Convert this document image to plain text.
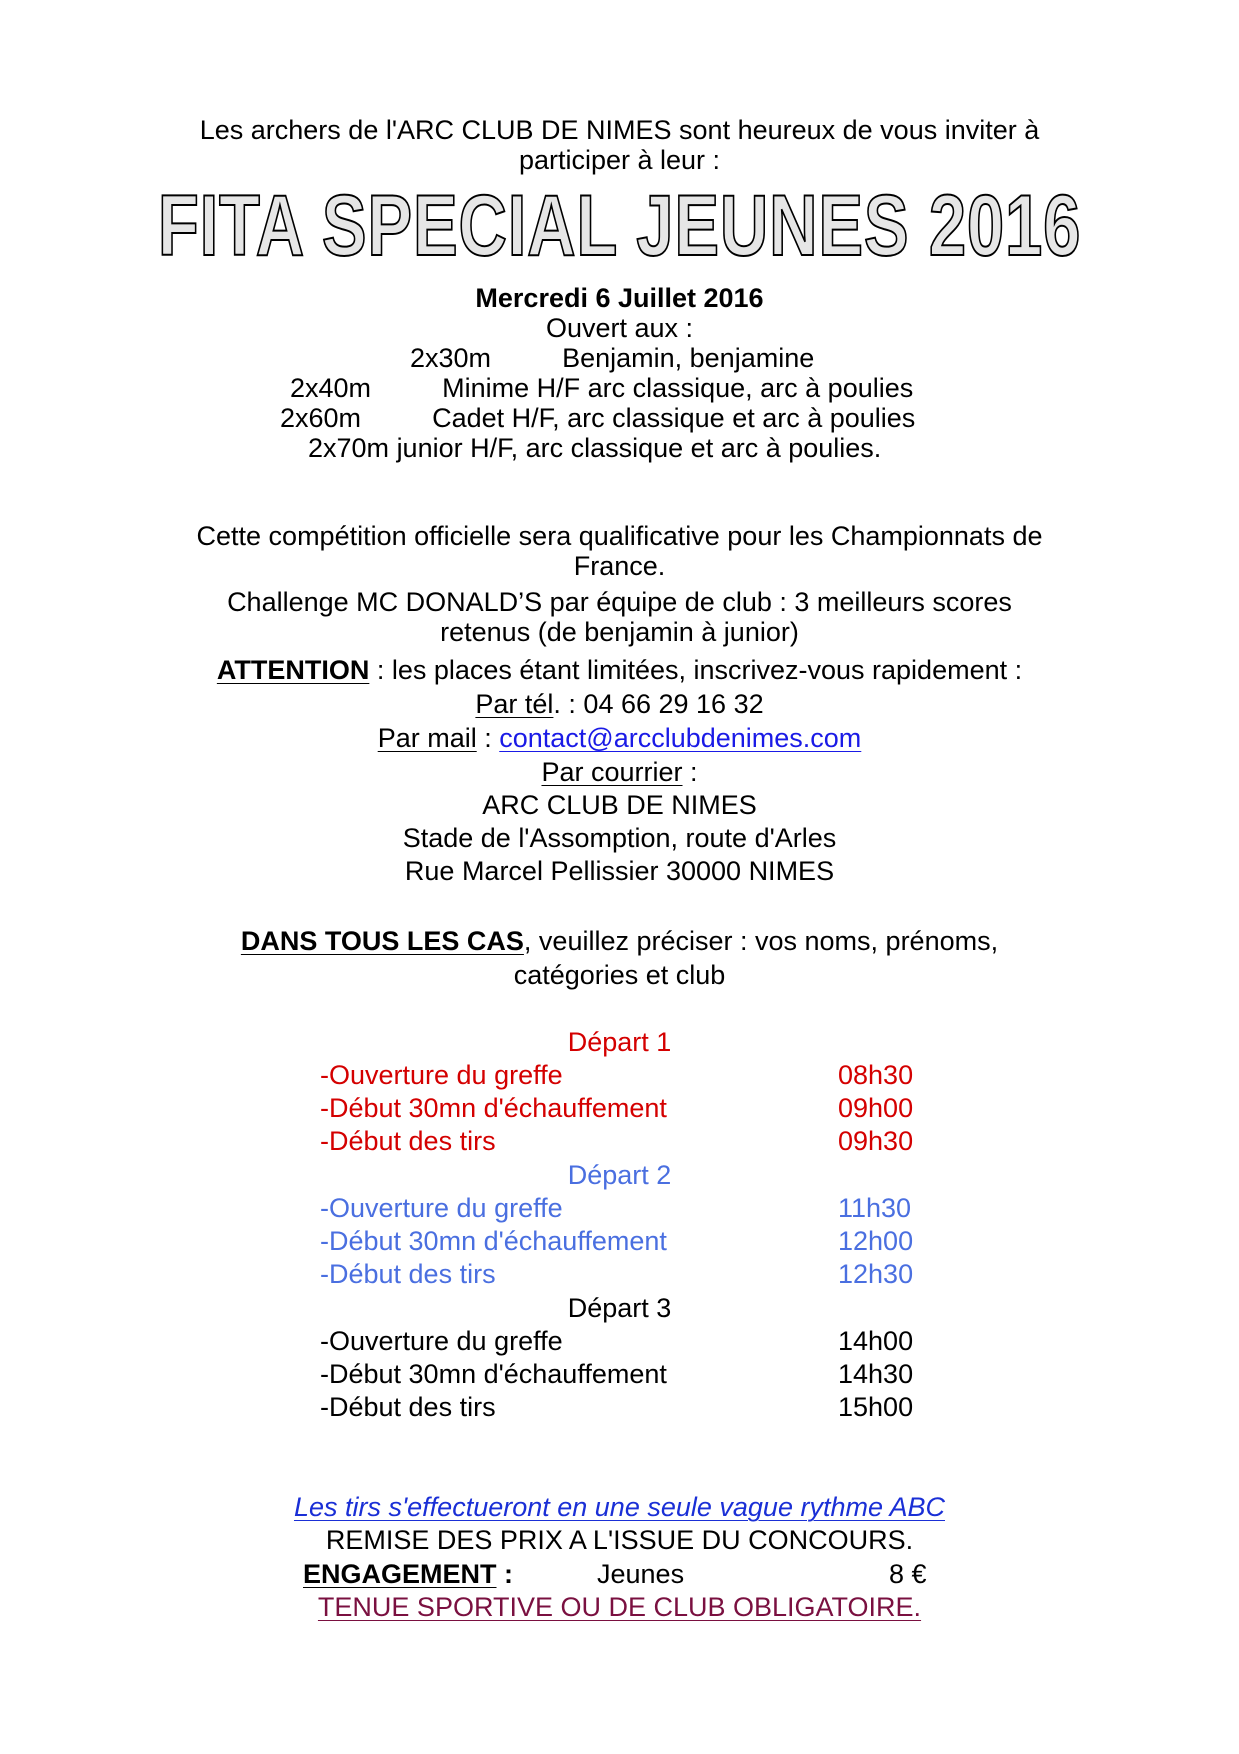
Les archers de l'ARC CLUB DE NIMES sont heureux de vous inviter à
participer à leur :
FITA SPECIAL JEUNES 2016
Mercredi 6 Juillet 2016
Ouvert aux :
2x30m	Benjamin, benjamine
2x40m	Minime H/F arc classique, arc à poulies
2x60m	Cadet H/F, arc classique et arc à poulies
2x70m junior H/F, arc classique et arc à poulies.
Cette compétition officielle sera qualificative pour les Championnats de
France.
Challenge MC DONALD’S par équipe de club : 3 meilleurs scores
retenus (de benjamin à junior)
ATTENTION : les places étant limitées, inscrivez-vous rapidement :
Par tél. : 04 66 29 16 32
Par mail : contact@arcclubdenimes.com
Par courrier :
ARC CLUB DE NIMES
Stade de l'Assomption, route d'Arles
Rue Marcel Pellissier 30000 NIMES
DANS TOUS LES CAS, veuillez préciser : vos noms, prénoms,
catégories et club
Départ 1
-Ouverture du greffe	08h30
-Début 30mn d'échauffement	09h00
-Début des tirs	09h30
Départ 2
-Ouverture du greffe	11h30
-Début 30mn d'échauffement	12h00
-Début des tirs	12h30
Départ 3
-Ouverture du greffe	14h00
-Début 30mn d'échauffement	14h30
-Début des tirs	15h00
Les tirs s'effectueront en une seule vague rythme ABC
REMISE DES PRIX A L'ISSUE DU CONCOURS.
ENGAGEMENT :	Jeunes	8 €
TENUE SPORTIVE OU DE CLUB OBLIGATOIRE.
